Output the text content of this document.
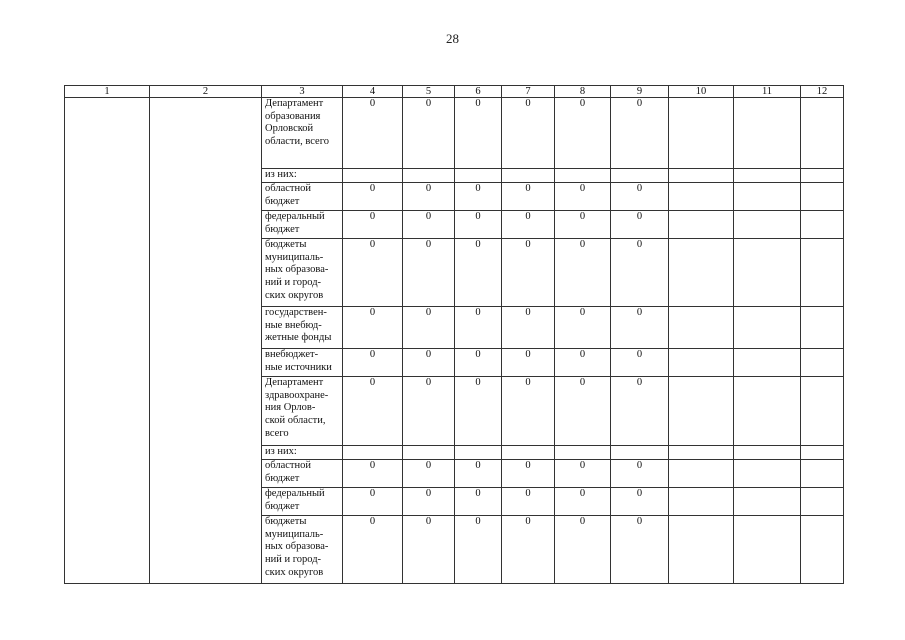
28
1	2	3	4	5	6	7	8	9	10	11	12
		Департамент
образования
Орловской
области, всего	0	0	0	0	0	0			
		из них:									
		областной
бюджет	0	0	0	0	0	0			
		федеральный
бюджет	0	0	0	0	0	0			
		бюджеты
муниципаль-
ных образова-
ний и город-
ских округов	0	0	0	0	0	0			
		государствен-
ные внебюд-
жетные фонды	0	0	0	0	0	0			
		внебюджет-
ные источники	0	0	0	0	0	0			
		Департамент
здравоохране-
ния Орлов-
ской области,
всего	0	0	0	0	0	0			
		из них:									
		областной
бюджет	0	0	0	0	0	0			
		федеральный
бюджет	0	0	0	0	0	0			
		бюджеты
муниципаль-
ных образова-
ний и город-
ских округов	0	0	0	0	0	0			
